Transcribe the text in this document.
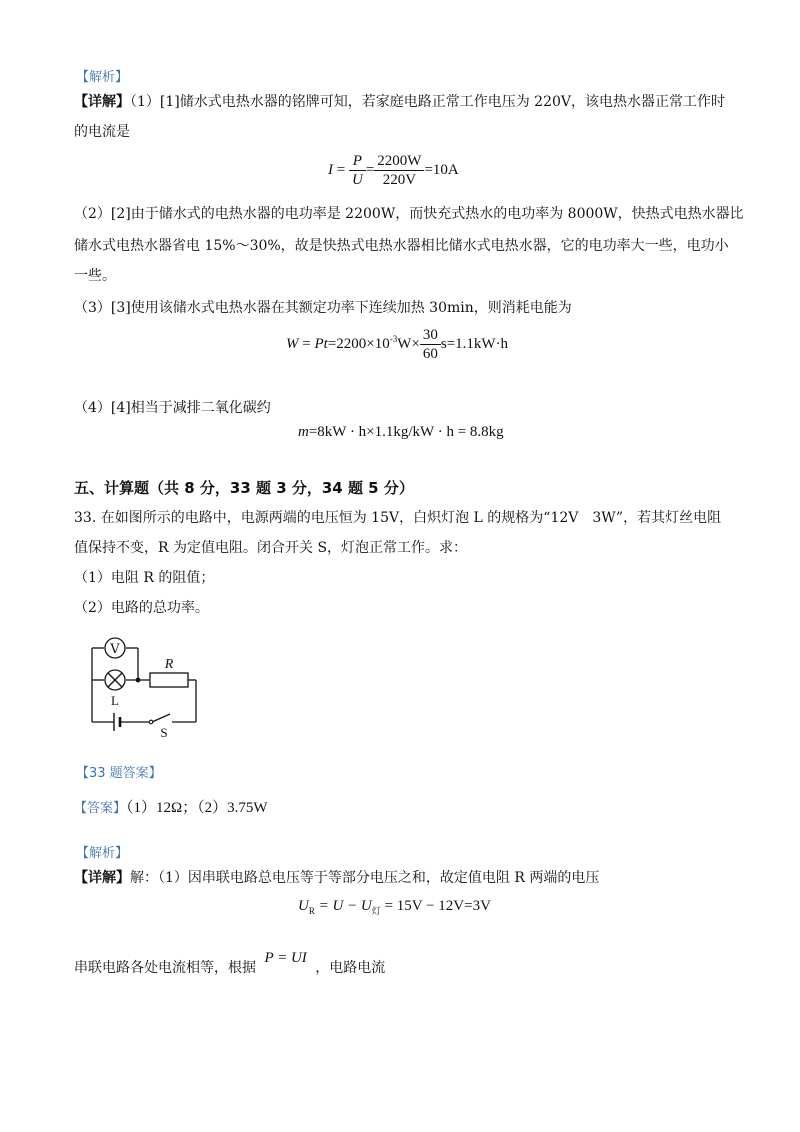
【解析】
【详解】（1）[1]储水式电热水器的铭牌可知，若家庭电路正常工作电压为 220V，该电热水器正常工作时
的电流是
$I = \frac{P}{U} = \frac{2200W}{220V} =10A$
（2）[2]由于储水式的电热水器的电功率是 2200W，而快充式热水的电功率为 8000W，快热式电热水器比
储水式电热水器省电 15%～30%，故是快热式电热水器相比储水式电热水器，它的电功率大一些，电功小
一些。
（3）[3]使用该储水式电热水器在其额定功率下连续加热 30min，则消耗电能为
$W = Pt =2200\times 10^{-3}$ $W\times \frac{30}{60} s=1.1kW\cdot h$
（4）[4]相当于减排二氧化碳约
m=8kW · h×1.1kg/kW · h = 8.8kg
五、计算题（共 8 分，33 题 3 分，34 题 5 分）
33. 在如图所示的电路中，电源两端的电压恒为 15V，白炽灯泡 L 的规格为“12V　3W”，若其灯丝电阻
值保持不变，R 为定值电阻。闭合开关 S，灯泡正常工作。求：
（1）电阻 R 的阻值；
（2）电路的总功率。
V
R
L
S
【33 题答案】
【答案】（1）12Ω；（2）3.75W
【解析】
【详解】解：（1）因串联电路总电压等于等部分电压之和，故定值电阻 R 两端的电压
$U_R = U - U_灯 = 15V - 12V=3V$
串联电路各处电流相等，根据 P = UI ，电路电流
